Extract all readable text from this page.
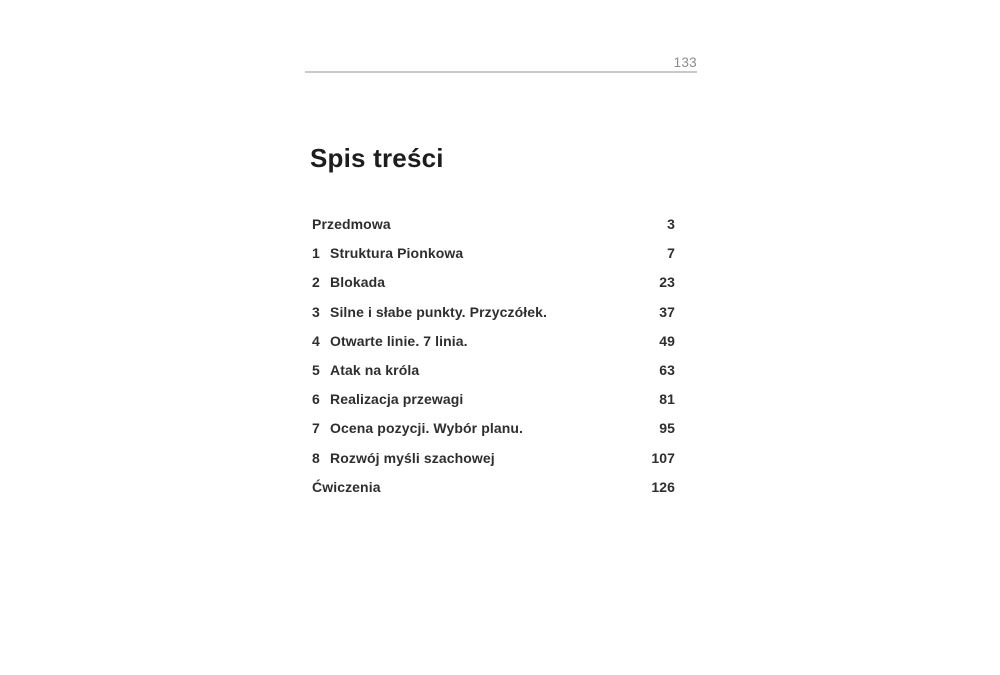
133
Spis treści
Przedmowa	3
1 Struktura Pionkowa	7
2 Blokada	23
3 Silne i słabe punkty. Przyczółek.	37
4 Otwarte linie. 7 linia.	49
5 Atak na króla	63
6 Realizacja przewagi	81
7 Ocena pozycji. Wybór planu.	95
8 Rozwój myśli szachowej	107
Ćwiczenia	126
